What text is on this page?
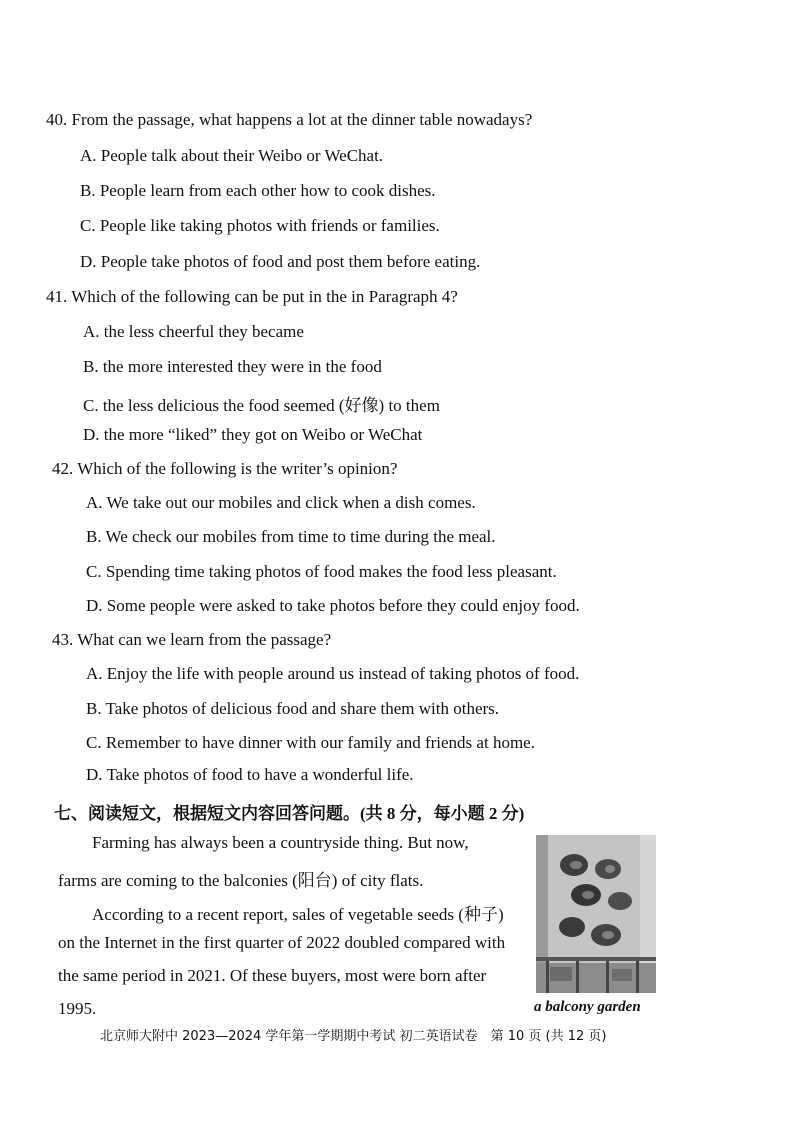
40. From the passage, what happens a lot at the dinner table nowadays?

A. People talk about their Weibo or WeChat.

B. People learn from each other how to cook dishes.

C. People like taking photos with friends or families.

D. People take photos of food and post them before eating.

41. Which of the following can be put in the in Paragraph 4?

A. the less cheerful they became

B. the more interested they were in the food

C. the less delicious the food seemed (好像) to them

D. the more “liked” they got on Weibo or WeChat

42. Which of the following is the writer’s opinion?

A. We take out our mobiles and click when a dish comes.

B. We check our mobiles from time to time during the meal.

C. Spending time taking photos of food makes the food less pleasant.

D. Some people were asked to take photos before they could enjoy food.

43. What can we learn from the passage?

A. Enjoy the life with people around us instead of taking photos of food.

B. Take photos of delicious food and share them with others.

C. Remember to have dinner with our family and friends at home.

D. Take photos of food to have a wonderful life.

七、阅读短文，根据短文内容回答问题。(共 8 分，每小题 2 分)

Farming has always been a countryside thing. But now,

farms are coming to the balconies (阳台) of city flats.

According to a recent report, sales of vegetable seeds (种子)

on the Internet in the first quarter of 2022 doubled compared with

the same period in 2021. Of these buyers, most were born after

1995.	a balcony garden

北京师大附中 2023—2024 学年第一学期期中考试 初二英语试卷　第 10 页 (共 12 页)
